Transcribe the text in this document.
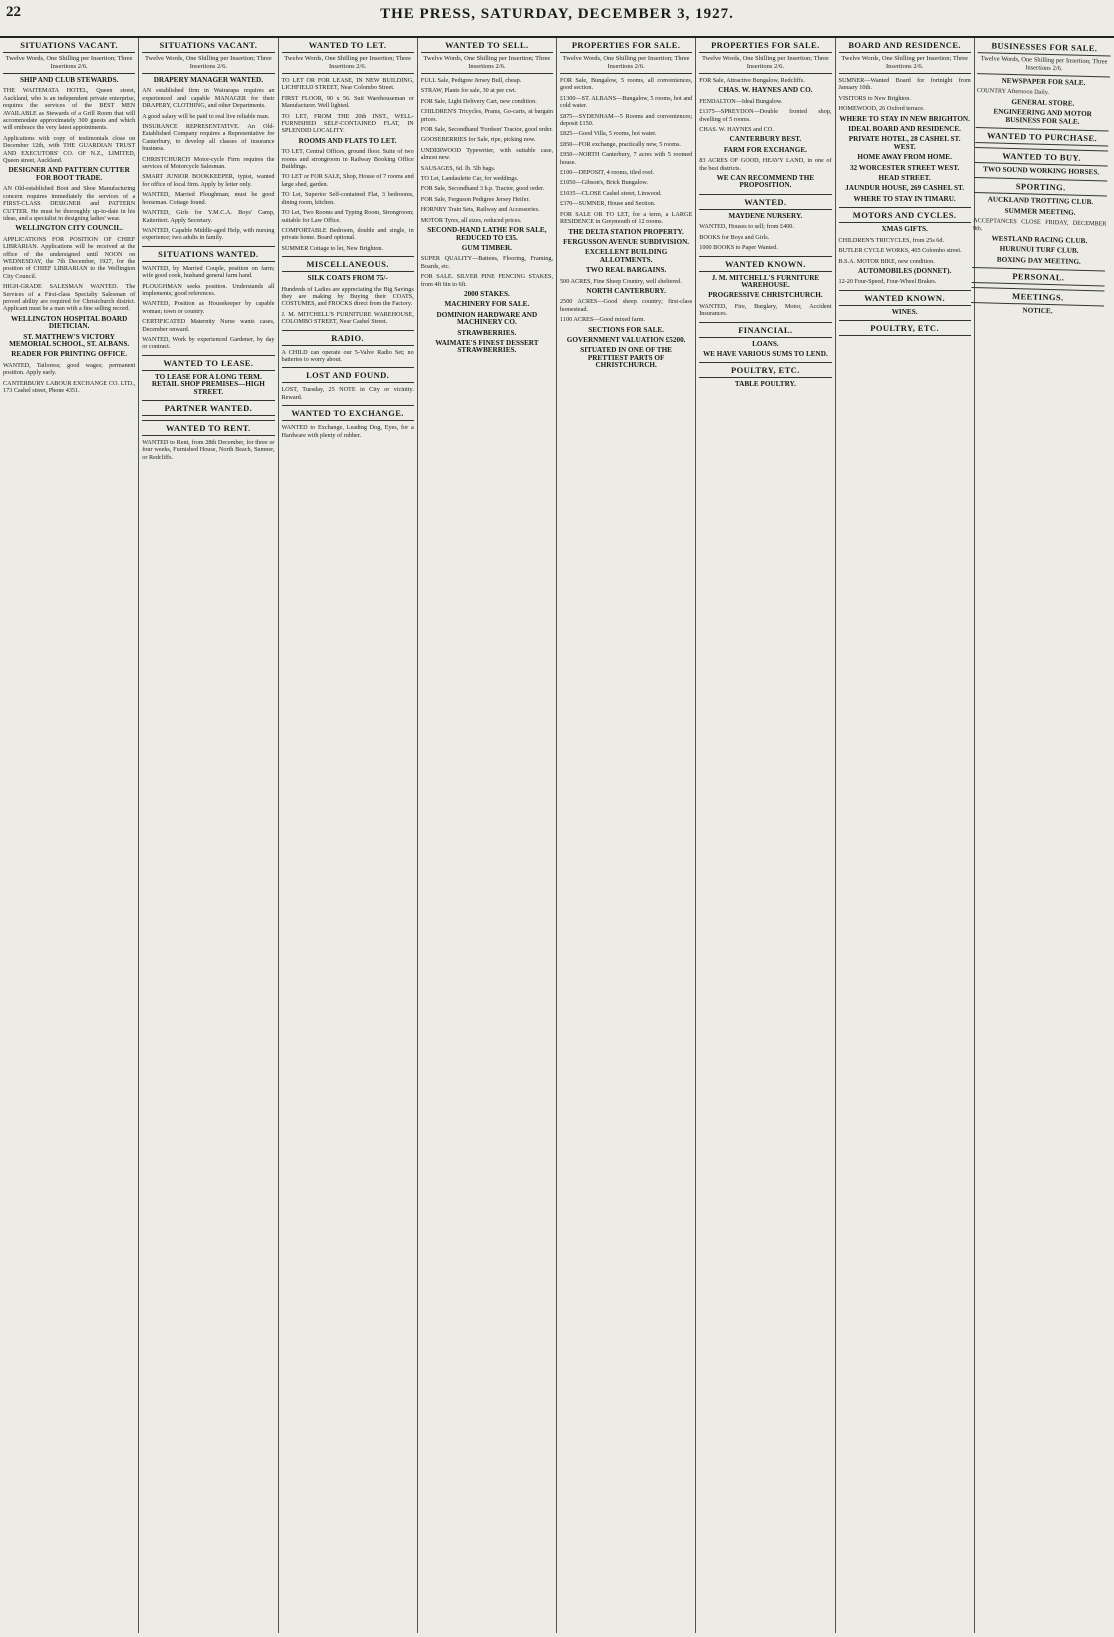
22	THE PRESS, SATURDAY, DECEMBER 3, 1927.
SITUATIONS VACANT.
Twelve Words, One Shilling per Insertion; Three Insertions 2/6.
SHIP AND CLUB STEWARDS.
THE WAITEMATA HOTEL, Queen street, Auckland, who is an independent private enterprise, requires the services of the BEST MEN AVAILABLE as Stewards of a Grill Room that will accommodate approximately 300 guests and which will embrace the very latest appointments.
Applications with copy of testimonials close on December 12th, with THE GUARDIAN TRUST AND EXECUTORS' CO. OF N.Z., LIMITED, Queen street, Auckland.
DESIGNER AND PATTERN CUTTER FOR BOOT TRADE.
AN Old-established Boot and Shoe Manufacturing concern requires immediately the services of a FIRST-CLASS DESIGNER and PATTERN CUTTER. He must be thoroughly up-to-date in his ideas, and a specialist in designing ladies' wear.
WELLINGTON CITY COUNCIL.
APPLICATIONS FOR POSITION OF CHIEF LIBRARIAN. Applications will be received at the office of the undersigned until NOON on WEDNESDAY, the 7th December, 1927, for the position of CHIEF LIBRARIAN to the Wellington City Council.
HIGH-GRADE SALESMAN WANTED. The Services of a First-class Specialty Salesman of proved ability are required for Christchurch district. Applicant must be a man with a fine selling record.
WELLINGTON HOSPITAL BOARD DIETICIAN.
ST. MATTHEW'S VICTORY MEMORIAL SCHOOL, ST. ALBANS.
READER FOR PRINTING OFFICE.
WANTED, Tailoress; good wages; permanent position. Apply early.
CANTERBURY LABOUR EXCHANGE CO. LTD., 173 Cashel street, Phone 4351.
SITUATIONS VACANT.
Twelve Words, One Shilling per Insertion; Three Insertions 2/6.
DRAPERY MANAGER WANTED.
AN established firm in Wairarapa requires an experienced and capable MANAGER for their DRAPERY, CLOTHING, and other Departments.
A good salary will be paid to real live reliable man.
INSURANCE REPRESENTATIVE. An Old-Established Company requires a Representative for Canterbury, to develop all classes of insurance business.
CHRISTCHURCH Motor-cycle Firm requires the services of Motorcycle Salesman.
SMART JUNIOR BOOKKEEPER, typist, wanted for office of local firm. Apply by letter only.
WANTED, Married Ploughman; must be good horseman. Cottage found.
WANTED, Girls for Y.M.C.A. Boys' Camp, Kaiteriteri. Apply Secretary.
WANTED, Capable Middle-aged Help, with nursing experience; two adults in family.
SITUATIONS WANTED.
WANTED, by Married Couple, position on farm; wife good cook, husband general farm hand.
PLOUGHMAN seeks position. Understands all implements; good references.
WANTED, Position as Housekeeper by capable woman; town or country.
CERTIFICATED Maternity Nurse wants cases, December onward.
WANTED, Work by experienced Gardener, by day or contract.
WANTED TO LEASE.
TO LEASE FOR A LONG TERM. RETAIL SHOP PREMISES—HIGH STREET.
PARTNER WANTED.
WANTED TO RENT.
WANTED to Rent, from 28th December, for three or four weeks, Furnished House, North Beach, Sumner, or Redcliffs.
WANTED TO LET.
Twelve Words, One Shilling per Insertion; Three Insertions 2/6.
TO LET OR FOR LEASE, IN NEW BUILDING, LICHFIELD STREET, Near Colombo Street.
FIRST FLOOR, 90 x 56. Suit Warehouseman or Manufacturer. Well lighted.
TO LET, FROM THE 20th INST., WELL-FURNISHED SELF-CONTAINED FLAT, IN SPLENDID LOCALITY.
ROOMS AND FLATS TO LET.
TO LET, Central Offices, ground floor. Suite of two rooms and strongroom in Railway Booking Office Buildings.
TO LET or FOR SALE, Shop, House of 7 rooms and large shed, garden.
TO Let, Superior Self-contained Flat, 3 bedrooms, dining room, kitchen.
TO Let, Two Rooms and Typing Room, Strongroom; suitable for Law Office.
COMFORTABLE Bedroom, double and single, in private home. Board optional.
SUMMER Cottage to let, New Brighton.
MISCELLANEOUS.
SILK COATS FROM 75/-
Hundreds of Ladies are appreciating the Big Savings they are making by Buying their COATS, COSTUMES, and FROCKS direct from the Factory.
J. M. MITCHELL'S FURNITURE WAREHOUSE, COLOMBO STREET, Near Cashel Street.
RADIO.
A CHILD can operate our 5-Valve Radio Set; no batteries to worry about.
LOST AND FOUND.
LOST, Tuesday, 25 NOTE in City or vicinity. Reward.
WANTED TO EXCHANGE.
WANTED to Exchange, Leading Dog, Eyes, for a Hardware with plenty of rubber.
WANTED TO SELL.
Twelve Words, One Shilling per Insertion; Three Insertions 2/6.
FULL Sale, Pedigree Jersey Bull, cheap.
STRAW, Plants for sale, 30 at per cwt.
FOR Sale, Light Delivery Cart, new condition.
CHILDREN'S Tricycles, Prams, Go-carts, at bargain prices.
FOR Sale, Secondhand 'Fordson' Tractor, good order.
GOOSEBERRIES for Sale, ripe, picking now.
UNDERWOOD Typewriter, with suitable case, almost new.
SAUSAGES, 6d. lb. 5lb bags.
TO Let, Landaulette Car, for weddings.
FOR Sale, Secondhand 3 h.p. Tractor, good order.
FOR Sale, Ferguson Pedigree Jersey Heifer.
HORNBY Train Sets, Railway and Accessories.
MOTOR Tyres, all sizes, reduced prices.
SECOND-HAND LATHE FOR SALE, REDUCED TO £35.
GUM TIMBER.
SUPER QUALITY—Battens, Flooring, Framing, Boards, etc.
FOR SALE. SILVER PINE FENCING STAKES, from 4ft 6in to 6ft.
2000 STAKES.
MACHINERY FOR SALE.
DOMINION HARDWARE AND MACHINERY CO.
STRAWBERRIES.
WAIMATE'S FINEST DESSERT STRAWBERRIES.
PROPERTIES FOR SALE.
Twelve Words, One Shilling per Insertion; Three Insertions 2/6.
FOR Sale, Bungalow, 5 rooms, all conveniences, good section.
£1300—ST. ALBANS—Bungalow, 5 rooms, hot and cold water.
£875—SYDENHAM—5 Rooms and conveniences; deposit £150.
£825—Good Villa, 5 rooms, hot water.
£850—FOR exchange, practically new, 5 rooms.
£950—NORTH Canterbury, 7 acres with 5 roomed house.
£100—DEPOSIT, 4 rooms, tiled roof.
£1050—Gibson's, Brick Bungalow.
£1035—CLOSE Cashel street, Linwood.
£370—SUMNER, House and Section.
FOR SALE OR TO LET, for a term, a LARGE RESIDENCE in Greymouth of 12 rooms.
THE DELTA STATION PROPERTY.
FERGUSSON AVENUE SUBDIVISION.
EXCELLENT BUILDING ALLOTMENTS.
TWO REAL BARGAINS.
500 ACRES, Fine Sheep Country, well sheltered.
NORTH CANTERBURY.
2500 ACRES—Good sheep country; first-class homestead.
1100 ACRES—Good mixed farm.
SECTIONS FOR SALE.
GOVERNMENT VALUATION £5200.
SITUATED IN ONE OF THE PRETTIEST PARTS OF CHRISTCHURCH.
PROPERTIES FOR SALE.
Twelve Words, One Shilling per Insertion; Three Insertions 2/6.
FOR Sale, Attractive Bungalow, Redcliffs.
CHAS. W. HAYNES AND CO.
FENDALTON—Ideal Bungalow.
£1375—SPREYDON—Double fronted shop, dwelling of 5 rooms.
CHAS. W. HAYNES and CO.
CANTERBURY BEST.
FARM FOR EXCHANGE.
83 ACRES OF GOOD, HEAVY LAND, in one of the best districts.
WE CAN RECOMMEND THE PROPOSITION.
WANTED.
MAYDENE NURSERY.
WANTED, Houses to sell; from £400.
BOOKS for Boys and Girls.
1000 BOOKS to Paper Wanted.
WANTED KNOWN.
J. M. MITCHELL'S FURNITURE WAREHOUSE.
PROGRESSIVE CHRISTCHURCH.
WANTED, Fire, Burglary, Motor, Accident Insurances.
FINANCIAL.
LOANS.
WE HAVE VARIOUS SUMS TO LEND.
POULTRY, ETC.
TABLE POULTRY.
BOARD AND RESIDENCE.
Twelve Words, One Shilling per Insertion; Three Insertions 2/6.
SUMNER—Wanted Board for fortnight from January 10th.
VISITORS to New Brighton.
HOMEWOOD, 26 Oxford terrace.
WHERE TO STAY IN NEW BRIGHTON.
IDEAL BOARD AND RESIDENCE.
PRIVATE HOTEL, 28 CASHEL ST. WEST.
HOME AWAY FROM HOME.
32 WORCESTER STREET WEST.
HEAD STREET.
JAUNDUR HOUSE, 269 CASHEL ST.
WHERE TO STAY IN TIMARU.
MOTORS AND CYCLES.
XMAS GIFTS.
CHILDREN'S TRICYCLES, from 25s 6d.
BUTLER CYCLE WORKS, 405 Colombo street.
B.S.A. MOTOR BIKE, new condition.
AUTOMOBILES (DONNET).
12-20 Four-Speed, Four-Wheel Brakes.
WANTED KNOWN.
WINES.
POULTRY, ETC.
BUSINESSES FOR SALE.
Twelve Words, One Shilling per Insertion; Three Insertions 2/6.
NEWSPAPER FOR SALE.
COUNTRY Afternoon Daily.
GENERAL STORE.
ENGINEERING AND MOTOR BUSINESS FOR SALE.
WANTED TO PURCHASE.
WANTED TO BUY.
TWO SOUND WORKING HORSES.
SPORTING.
AUCKLAND TROTTING CLUB.
SUMMER MEETING.
ACCEPTANCES CLOSE FRIDAY, DECEMBER 9th.
WESTLAND RACING CLUB.
HURUNUI TURF CLUB.
BOXING DAY MEETING.
PERSONAL.
MEETINGS.
NOTICE.
